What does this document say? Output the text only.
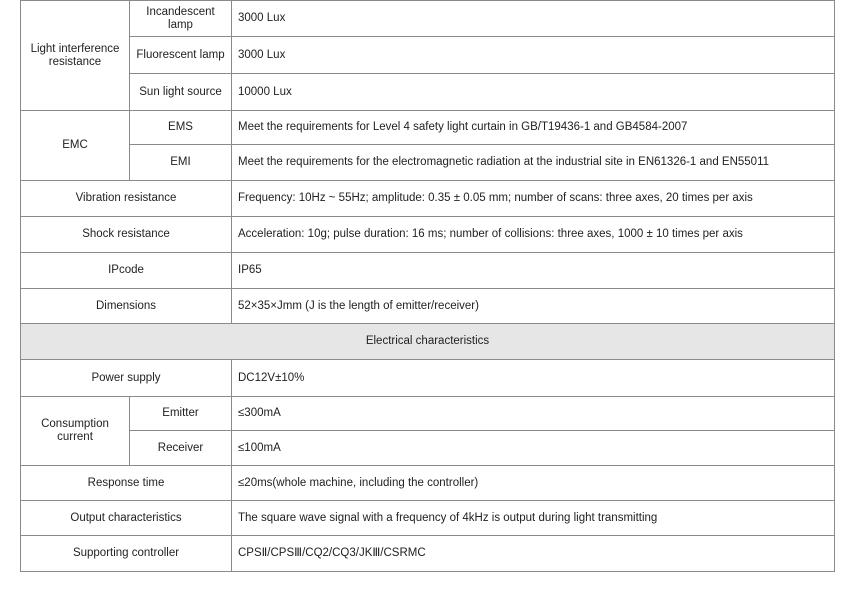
Light interference resistance	Incandescent lamp	3000 Lux
	Fluorescent lamp	3000 Lux
	Sun light source	10000 Lux
EMC	EMS	Meet the requirements for Level 4 safety light curtain in GB/T19436-1 and GB4584-2007
	EMI	Meet the requirements for the electromagnetic radiation at the industrial site in EN61326-1 and EN55011
Vibration resistance		Frequency: 10Hz ~ 55Hz; amplitude: 0.35 ± 0.05 mm; number of scans: three axes, 20 times per axis
Shock resistance		Acceleration: 10g; pulse duration: 16 ms; number of collisions: three axes, 1000 ± 10 times per axis
IPcode		IP65
Dimensions		52×35×Jmm (J is the length of emitter/receiver)
Electrical characteristics		
Power supply		DC12V±10%
Consumption current	Emitter	≤300mA
	Receiver	≤100mA
Response time		≤20ms(whole machine, including the controller)
Output characteristics		The square wave signal with a frequency of 4kHz is output during light transmitting
Supporting controller		CPSⅡ/CPSⅢ/CQ2/CQ3/JKⅢ/CSRMC
